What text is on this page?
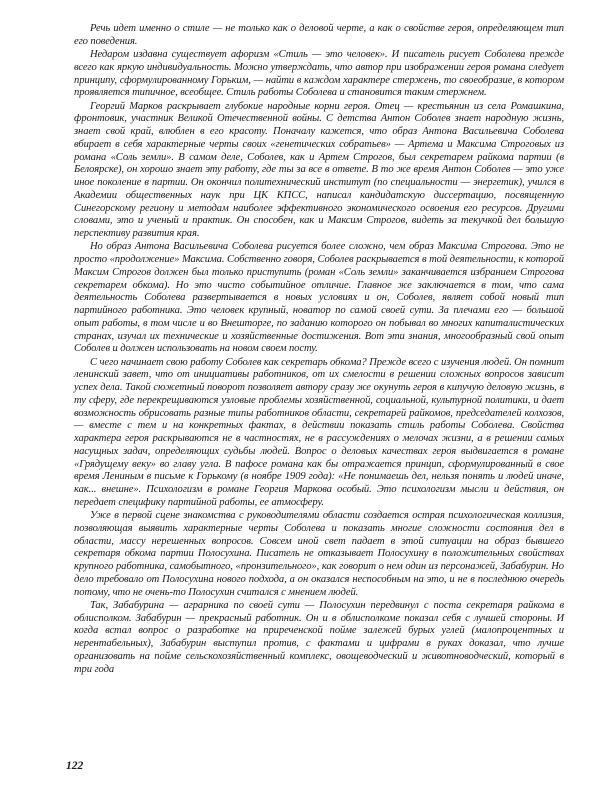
Речь идет именно о стиле — не только как о деловой черте, а как о свойстве героя, определяющем тип его поведения.

Недаром издавна существует афоризм «Стиль — это человек». И писатель рисует Соболева прежде всего как яркую индивидуальность. Можно утверждать, что автор при изображении героя романа следует принципу, сформулированному Горьким, — найти в каждом характере стержень, то своеобразие, в котором проявляется типичное, всеобщее. Стиль работы Соболева и становится таким стержнем.

Георгий Марков раскрывает глубокие народные корни героя. Отец — крестьянин из села Ромашкина, фронтовик, участник Великой Отечественной войны. С детства Антон Соболев знает народную жизнь, знает свой край, влюблен в его красоту. Поначалу кажется, что образ Антона Васильевича Соболева вбирает в себя характерные черты своих «генетических собратьев» — Артема и Максима Строговых из романа «Соль земли». В самом деле, Соболев, как и Артем Строгов, был секретарем райкома партии (в Белоярске), он хорошо знает эту работу, где ты за все в ответе. В то же время Антон Соболев — это уже иное поколение в партии. Он окончил политехнический институт (по специальности — энергетик), учился в Академии общественных наук при ЦК КПСС, написал кандидатскую диссертацию, посвященную Синегорскому региону и методам наиболее эффективного экономического освоения его ресурсов. Другими словами, это и ученый и практик. Он способен, как и Максим Строгов, видеть за текучкой дел большую перспективу развития края.

Но образ Антона Васильевича Соболева рисуется более сложно, чем образ Максима Строгова. Это не просто «продолжение» Максима. Собственно говоря, Соболев раскрывается в той деятельности, к которой Максим Строгов должен был только приступить (роман «Соль земли» заканчивается избранием Строгова секретарем обкома). Но это чисто событийное отличие. Главное же заключается в том, что сама деятельность Соболева развертывается в новых условиях и он, Соболев, являет собой новый тип партийного работника. Это человек крупный, новатор по самой своей сути. За плечами его — большой опыт работы, в том числе и во Внешторге, по заданию которого он побывал во многих капиталистических странах, изучал их технические и хозяйственные достижения. Вот эти знания, многообразный свой опыт Соболев и должен использовать на новом своем посту.

С чего начинает свою работу Соболев как секретарь обкома? Прежде всего с изучения людей. Он помнит ленинский завет, что от инициативы работников, от их смелости в решении сложных вопросов зависит успех дела. Такой сюжетный поворот позволяет автору сразу же окунуть героя в кипучую деловую жизнь, в ту сферу, где перекрещиваются узловые проблемы хозяйственной, социальной, культурной политики, и дает возможность обрисовать разные типы работников области, секретарей райкомов, председателей колхозов, — вместе с тем и на конкретных фактах, в действии показать стиль работы Соболева. Свойства характера героя раскрываются не в частностях, не в рассуждениях о мелочах жизни, а в решении самых насущных задач, определяющих судьбы людей. Вопрос о деловых качествах героя выдвигается в романе «Грядущему веку» во главу угла. В пафосе романа как бы отражается принцип, сформулированный в свое время Лениным в письме к Горькому (в ноябре 1909 года): «Не понимаешь дел, нельзя понять и людей иначе, как... внешне». Психологизм в романе Георгия Маркова особый. Это психологизм мысли и действия, он передает специфику партийной работы, ее атмосферу.

Уже в первой сцене знакомства с руководителями области создается острая психологическая коллизия, позволяющая выявить характерные черты Соболева и показать многие сложности состояния дел в области, массу нерешенных вопросов. Совсем иной свет падает в этой ситуации на образ бывшего секретаря обкома партии Полосухина. Писатель не отказывает Полосухину в положительных свойствах крупного работника, самобытного, «пронзительного», как говорит о нем один из персонажей, Забабурин. Но дело требовало от Полосухина нового подхода, а он оказался неспособным на это, и не в последнюю очередь потому, что не очень-то Полосухин считался с мнением людей.

Так, Забабурина — аграрника по своей сути — Полосухин передвинул с поста секретаря райкома в облисполком. Забабурин — прекрасный работник. Он и в облисполкоме показал себя с лучшей стороны. И когда встал вопрос о разработке на приреченской пойме залежей бурых углей (малопроцентных и нерентабельных), Забабурин выступил против, с фактами и цифрами в руках доказал, что лучше организовать на пойме сельскохозяйственный комплекс, овощеводческий и животноводческий, который в три года

122
